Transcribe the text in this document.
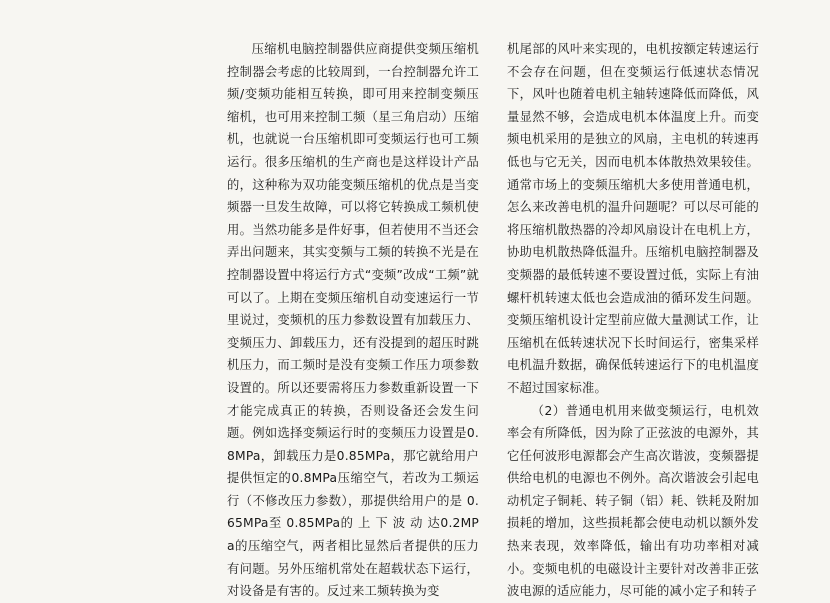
压缩机电脑控制器供应商提供变频压缩机控制器会考虑的比较周到，一台控制器允许工频/变频功能相互转换，即可用来控制变频压缩机，也可用来控制工频（星三角启动）压缩机，也就说一台压缩机即可变频运行也可工频运行。很多压缩机的生产商也是这样设计产品的，这种称为双功能变频压缩机的优点是当变频器一旦发生故障，可以将它转换成工频机使用。当然功能多是件好事，但若使用不当还会弄出问题来，其实变频与工频的转换不光是在控制器设置中将运行方式“变频”改成“工频”就可以了。上期在变频压缩机自动变速运行一节里说过，变频机的压力参数设置有加载压力、变频压力、卸载压力，还有没提到的超压时跳机压力，而工频时是没有变频工作压力项参数设置的。所以还要需将压力参数重新设置一下才能完成真正的转换，否则设备还会发生问题。例如选择变频运行时的变频压力设置是0.8MPa，卸载压力是0.85MPa，那它就给用户提供恒定的0.8MPa压缩空气，若改为工频运行（不修改压力参数），那提供给用户的是 0.65MPa至 0.85MPa的 上 下 波 动 达0.2MPa的压缩空气，两者相比显然后者提供的压力有问题。另外压缩机常处在超载状态下运行，对设备是有害的。反过来工频转换为变

机尾部的风叶来实现的，电机按额定转速运行不会存在问题，但在变频运行低速状态情况下，风叶也随着电机主轴转速降低而降低，风量显然不够，会造成电机本体温度上升。而变频电机采用的是独立的风扇，主电机的转速再低也与它无关，因而电机本体散热效果较佳。通常市场上的变频压缩机大多使用普通电机，怎么来改善电机的温升问题呢？可以尽可能的将压缩机散热器的冷却风扇设计在电机上方，协助电机散热降低温升。压缩机电脑控制器及变频器的最低转速不要设置过低，实际上有油螺杆机转速太低也会造成油的循环发生问题。变频压缩机设计定型前应做大量测试工作，让压缩机在低转速状况下长时间运行，密集采样电机温升数据，确保低转速运行下的电机温度不超过国家标准。

（2）普通电机用来做变频运行，电机效率会有所降低，因为除了正弦波的电源外，其它任何波形电源都会产生高次谐波，变频器提供给电机的电源也不例外。高次谐波会引起电动机定子铜耗、转子铜（铝）耗、铁耗及附加损耗的增加，这些损耗都会使电动机以额外发热来表现，效率降低，输出有功功率相对减小。变频电机的电磁设计主要针对改善非正弦波电源的适应能力，尽可能的减小定子和转子
